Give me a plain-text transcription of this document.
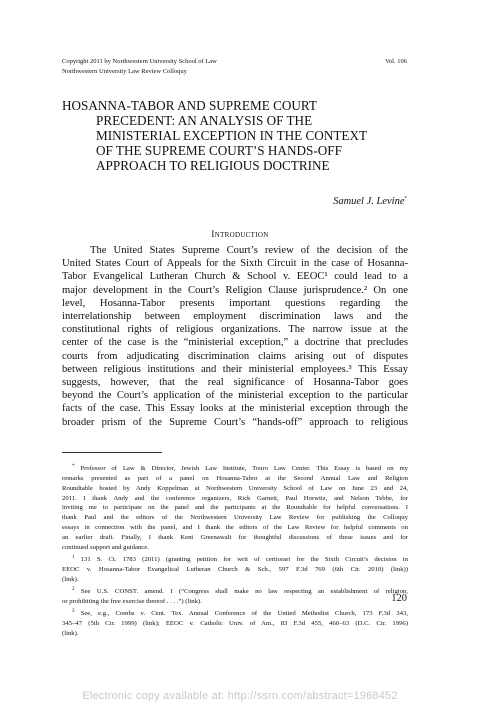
Copyright 2011 by Northwestern University School of Law
Northwestern University Law Review Colloquy
Vol. 106
HOSANNA-TABOR AND SUPREME COURT
PRECEDENT: AN ANALYSIS OF THE
MINISTERIAL EXCEPTION IN THE CONTEXT
OF THE SUPREME COURT’S HANDS-OFF
APPROACH TO RELIGIOUS DOCTRINE
Samuel J. Levine*
INTRODUCTION
The United States Supreme Court’s review of the decision of the
United States Court of Appeals for the Sixth Circuit in the case of Hosanna-
Tabor Evangelical Lutheran Church & School v. EEOC¹ could lead to a
major development in the Court’s Religion Clause jurisprudence.² On one
level, Hosanna-Tabor presents important questions regarding the
interrelationship between employment discrimination laws and the
constitutional rights of religious organizations. The narrow issue at the
center of the case is the “ministerial exception,” a doctrine that precludes
courts from adjudicating discrimination claims arising out of disputes
between religious institutions and their ministerial employees.³ This Essay
suggests, however, that the real significance of Hosanna-Tabor goes
beyond the Court’s application of the ministerial exception to the particular
facts of the case. This Essay looks at the ministerial exception through the
broader prism of the Supreme Court’s “hands-off” approach to religious

* Professor of Law & Director, Jewish Law Institute, Touro Law Center. This Essay is based on my
remarks presented as part of a panel on Hosanna-Tabor at the Second Annual Law and Religion
Roundtable hosted by Andy Koppelman at Northwestern University School of Law on June 23 and 24,
2011. I thank Andy and the conference organizers, Rick Garnett, Paul Horwitz, and Nelson Tebbe, for
inviting me to participate on the panel and the participants at the Roundtable for helpful conversations. I
thank Paul and the editors of the Northwestern University Law Review for publishing the Colloquy
essays in connection with the panel, and I thank the editors of the Law Review for helpful comments on
an earlier draft. Finally, I thank Kent Greenawalt for thoughtful discussions of these issues and for
continued support and guidance.

$^1$ 131 S. Ct. 1783 (2011) (granting petition for writ of certiorari for the Sixth Circuit’s decision in
EEOC v. Hosanna-Tabor Evangelical Lutheran Church & Sch., 597 F.3d 769 (6th Cir. 2010) (link))
(link).

$^2$ See U.S. CONST. amend. I (“Congress shall make no law respecting an establishment of religion,
or prohibiting the free exercise thereof . . . .”) (link).

$^3$ See, e.g., Combs v. Cent. Tex. Annual Conference of the United Methodist Church, 173 F.3d 343,
345–47 (5th Cir. 1999) (link); EEOC v. Catholic Univ. of Am., 83 F.3d 455, 460–63 (D.C. Cir. 1996)
(link).

120
Electronic copy available at: http://ssrn.com/abstract=1968452
